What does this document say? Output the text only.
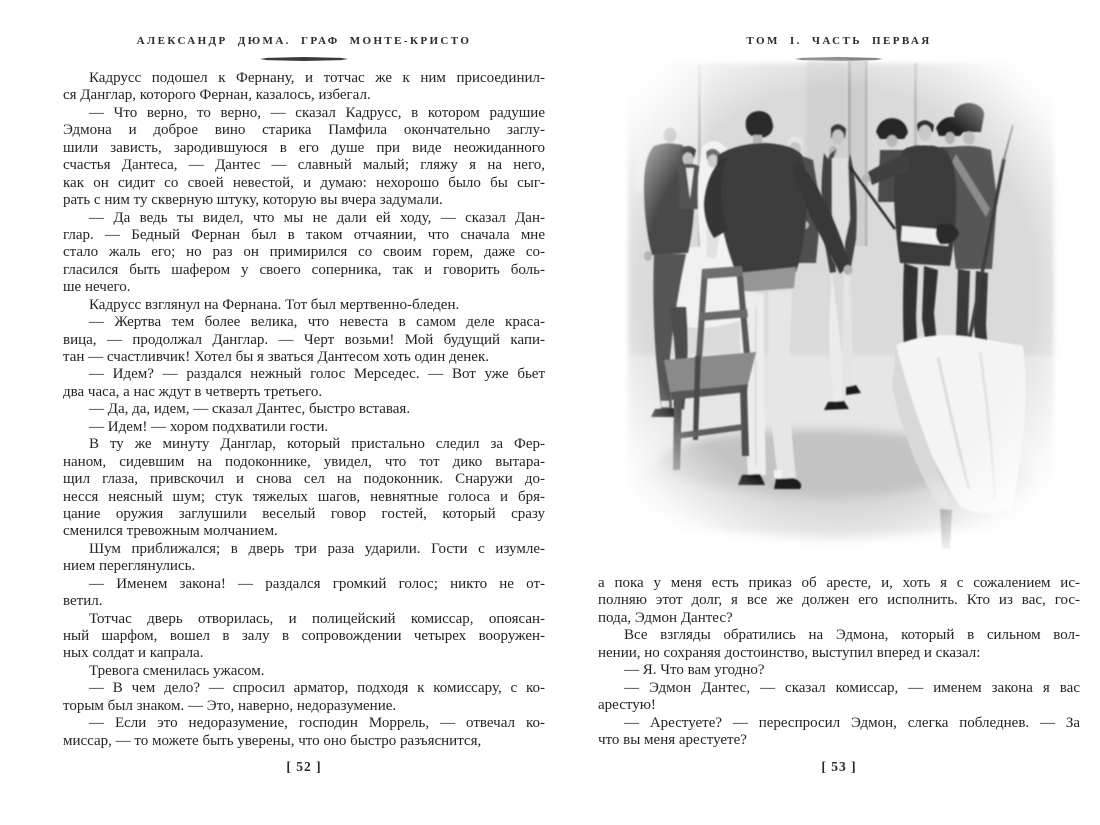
АЛЕКСАНДР ДЮМА. ГРАФ МОНТЕ-КРИСТО
Кадрусс подошел к Фернану, и тотчас же к ним присоединил-
ся Данглар, которого Фернан, казалось, избегал.
— Что верно, то верно, — сказал Кадрусс, в котором радушие
Эдмона и доброе вино старика Памфила окончательно заглу-
шили зависть, зародившуюся в его душе при виде неожиданного
счастья Дантеса, — Дантес — славный малый; гляжу я на него,
как он сидит со своей невестой, и думаю: нехорошо было бы сыг-
рать с ним ту скверную штуку, которую вы вчера задумали.
— Да ведь ты видел, что мы не дали ей ходу, — сказал Дан-
глар. — Бедный Фернан был в таком отчаянии, что сначала мне
стало жаль его; но раз он примирился со своим горем, даже со-
гласился быть шафером у своего соперника, так и говорить боль-
ше нечего.
Кадрусс взглянул на Фернана. Тот был мертвенно-бледен.
— Жертва тем более велика, что невеста в самом деле краса-
вица, — продолжал Данглар. — Черт возьми! Мой будущий капи-
тан — счастливчик! Хотел бы я зваться Дантесом хоть один денек.
— Идем? — раздался нежный голос Мерседес. — Вот уже бьет
два часа, а нас ждут в четверть третьего.
— Да, да, идем, — сказал Дантес, быстро вставая.
— Идем! — хором подхватили гости.
В ту же минуту Данглар, который пристально следил за Фер-
наном, сидевшим на подоконнике, увидел, что тот дико вытара-
щил глаза, привскочил и снова сел на подоконник. Снаружи до-
несся неясный шум; стук тяжелых шагов, невнятные голоса и бря-
цание оружия заглушили веселый говор гостей, который сразу
сменился тревожным молчанием.
Шум приближался; в дверь три раза ударили. Гости с изумле-
нием переглянулись.
— Именем закона! — раздался громкий голос; никто не от-
ветил.
Тотчас дверь отворилась, и полицейский комиссар, опоясан-
ный шарфом, вошел в залу в сопровождении четырех вооружен-
ных солдат и капрала.
Тревога сменилась ужасом.
— В чем дело? — спросил арматор, подходя к комиссару, с ко-
торым был знаком. — Это, наверно, недоразумение.
— Если это недоразумение, господин Моррель, — отвечал ко-
миссар, — то можете быть уверены, что оно быстро разъяснится,
[ 52 ]
ТОМ I. ЧАСТЬ ПЕРВАЯ
а пока у меня есть приказ об аресте, и, хоть я с сожалением ис-
полняю этот долг, я все же должен его исполнить. Кто из вас, гос-
пода, Эдмон Дантес?
Все взгляды обратились на Эдмона, который в сильном вол-
нении, но сохраняя достоинство, выступил вперед и сказал:
— Я. Что вам угодно?
— Эдмон Дантес, — сказал комиссар, — именем закона я вас
арестую!
— Арестуете? — переспросил Эдмон, слегка побледнев. — За
что вы меня арестуете?
[ 53 ]
